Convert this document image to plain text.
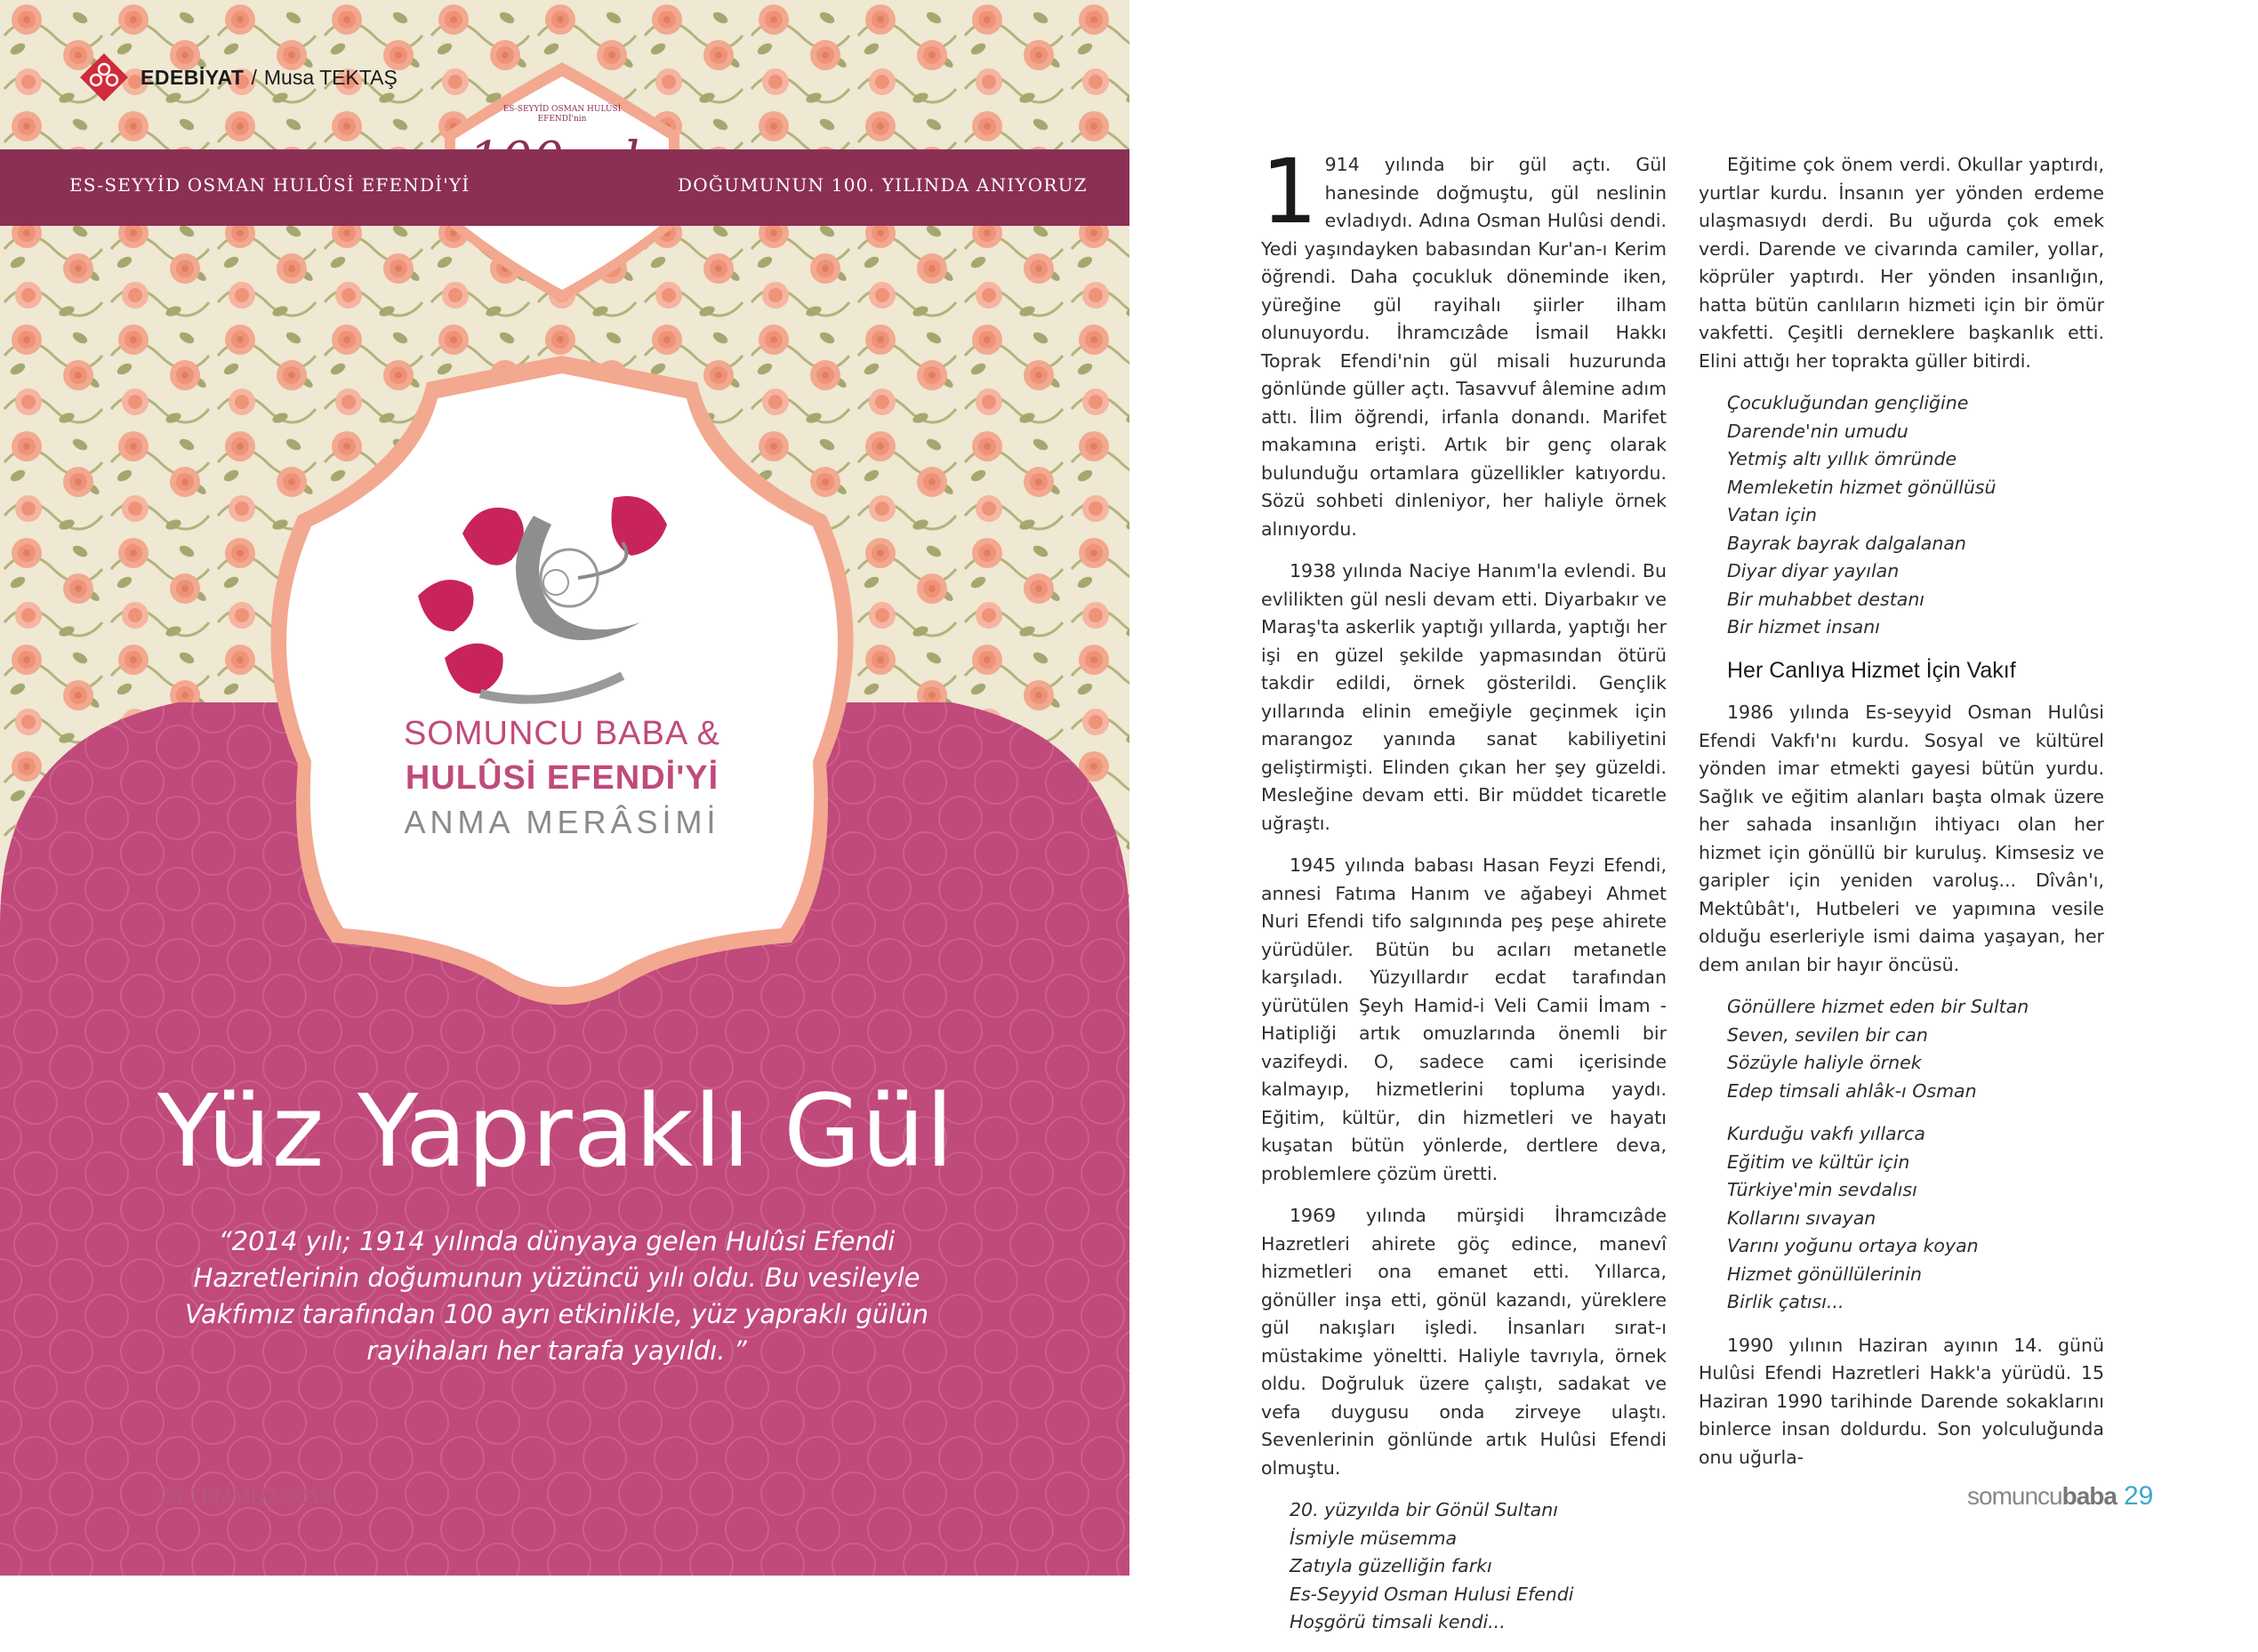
EDEBİYAT / Musa TEKTAŞ
ES-SEYYİD OSMAN HULÛSİ EFENDİ'Yİ	DOĞUMUNUN 100. YILINDA ANIYORUZ
ES-SEYYİD OSMAN HULÛSİ EFENDİ'nin
100.yılı
1914 - 2014
SOMUNCU BABA &
HULÛSİ EFENDİ'Yİ
ANMA MERÂSİMİ
Yüz Yapraklı Gül
“2014 yılı; 1914 yılında dünyaya gelen Hulûsi Efendi Hazretlerinin doğumunun yüzüncü yılı oldu. Bu vesileyle Vakfımız tarafından 100 ayrı etkinlikle, yüz yapraklı gülün rayihaları her tarafa yayıldı. ”
28 TEMMUZ 2014

1 914 yılında bir gül açtı. Gül hanesinde doğmuştu, gül neslinin evladıydı. Adına Osman Hulûsi dendi. Yedi yaşındayken babasından Kur'an-ı Kerim öğrendi. Daha çocukluk döneminde iken, yüreğine gül rayihalı şiirler ilham olunuyordu. İhramcızâde İsmail Hakkı Toprak Efendi'nin gül misali huzurunda gönlünde güller açtı. Tasavvuf âlemine adım attı. İlim öğrendi, irfanla donandı. Marifet makamına erişti. Artık bir genç olarak bulunduğu ortamlara güzellikler katıyordu. Sözü sohbeti dinleniyor, her haliyle örnek alınıyordu.

1938 yılında Naciye Hanım'la evlendi. Bu evlilikten gül nesli devam etti. Diyarbakır ve Maraş'ta askerlik yaptığı yıllarda, yaptığı her işi en güzel şekilde yapmasından ötürü takdir edildi, örnek gösterildi. Gençlik yıllarında elinin emeğiyle geçinmek için marangoz yanında sanat kabiliyetini geliştirmişti. Elinden çıkan her şey güzeldi. Mesleğine devam etti. Bir müddet ticaretle uğraştı.

1945 yılında babası Hasan Feyzi Efendi, annesi Fatıma Hanım ve ağabeyi Ahmet Nuri Efendi tifo salgınında peş peşe ahirete yürüdüler. Bütün bu acıları metanetle karşıladı. Yüzyıllardır ecdat tarafından yürütülen Şeyh Hamid-i Veli Camii İmam -Hatipliği artık omuzlarında önemli bir vazifeydi. O, sadece cami içerisinde kalmayıp, hizmetlerini topluma yaydı. Eğitim, kültür, din hizmetleri ve hayatı kuşatan bütün yönlerde, dertlere deva, problemlere çözüm üretti.

1969 yılında mürşidi İhramcızâde Hazretleri ahirete göç edince, manevî hizmetleri ona emanet etti. Yıllarca, gönüller inşa etti, gönül kazandı, yüreklere gül nakışları işledi. İnsanları sırat-ı müstakime yöneltti. Haliyle tavrıyla, örnek oldu. Doğruluk üzere çalıştı, sadakat ve vefa duygusu onda zirveye ulaştı. Sevenlerinin gönlünde artık Hulûsi Efendi olmuştu.

20. yüzyılda bir Gönül Sultanı
İsmiyle müsemma
Zatıyla güzelliğin farkı
Es-Seyyid Osman Hulusi Efendi
Hoşgörü timsali kendi...

Eğitime çok önem verdi. Okullar yaptırdı, yurtlar kurdu. İnsanın yer yönden erdeme ulaşmasıydı derdi. Bu uğurda çok emek verdi. Darende ve civarında camiler, yollar, köprüler yaptırdı. Her yönden insanlığın, hatta bütün canlıların hizmeti için bir ömür vakfetti. Çeşitli derneklere başkanlık etti. Elini attığı her toprakta güller bitirdi.

Çocukluğundan gençliğine
Darende'nin umudu
Yetmiş altı yıllık ömründe
Memleketin hizmet gönüllüsü
Vatan için
Bayrak bayrak dalgalanan
Diyar diyar yayılan
Bir muhabbet destanı
Bir hizmet insanı
Her Canlıya Hizmet İçin Vakıf

1986 yılında Es-seyyid Osman Hulûsi Efendi Vakfı'nı kurdu. Sosyal ve kültürel yönden imar etmekti gayesi bütün yurdu. Sağlık ve eğitim alanları başta olmak üzere her sahada insanlığın ihtiyacı olan her hizmet için gönüllü bir kuruluş. Kimsesiz ve garipler için yeniden varoluş... Dîvân'ı, Mektûbât'ı, Hutbeleri ve yapımına vesile olduğu eserleriyle ismi daima yaşayan, her dem anılan bir hayır öncüsü.

Gönüllere hizmet eden bir Sultan
Seven, sevilen bir can
Sözüyle haliyle örnek
Edep timsali ahlâk-ı Osman
Kurduğu vakfı yıllarca
Eğitim ve kültür için
Türkiye'min sevdalısı
Kollarını sıvayan
Varını yoğunu ortaya koyan
Hizmet gönüllülerinin
Birlik çatısı...

1990 yılının Haziran ayının 14. günü Hulûsi Efendi Hazretleri Hakk'a yürüdü. 15 Haziran 1990 tarihinde Darende sokaklarını binlerce insan doldurdu. Son yolculuğunda onu uğurla-

somuncubaba 29
